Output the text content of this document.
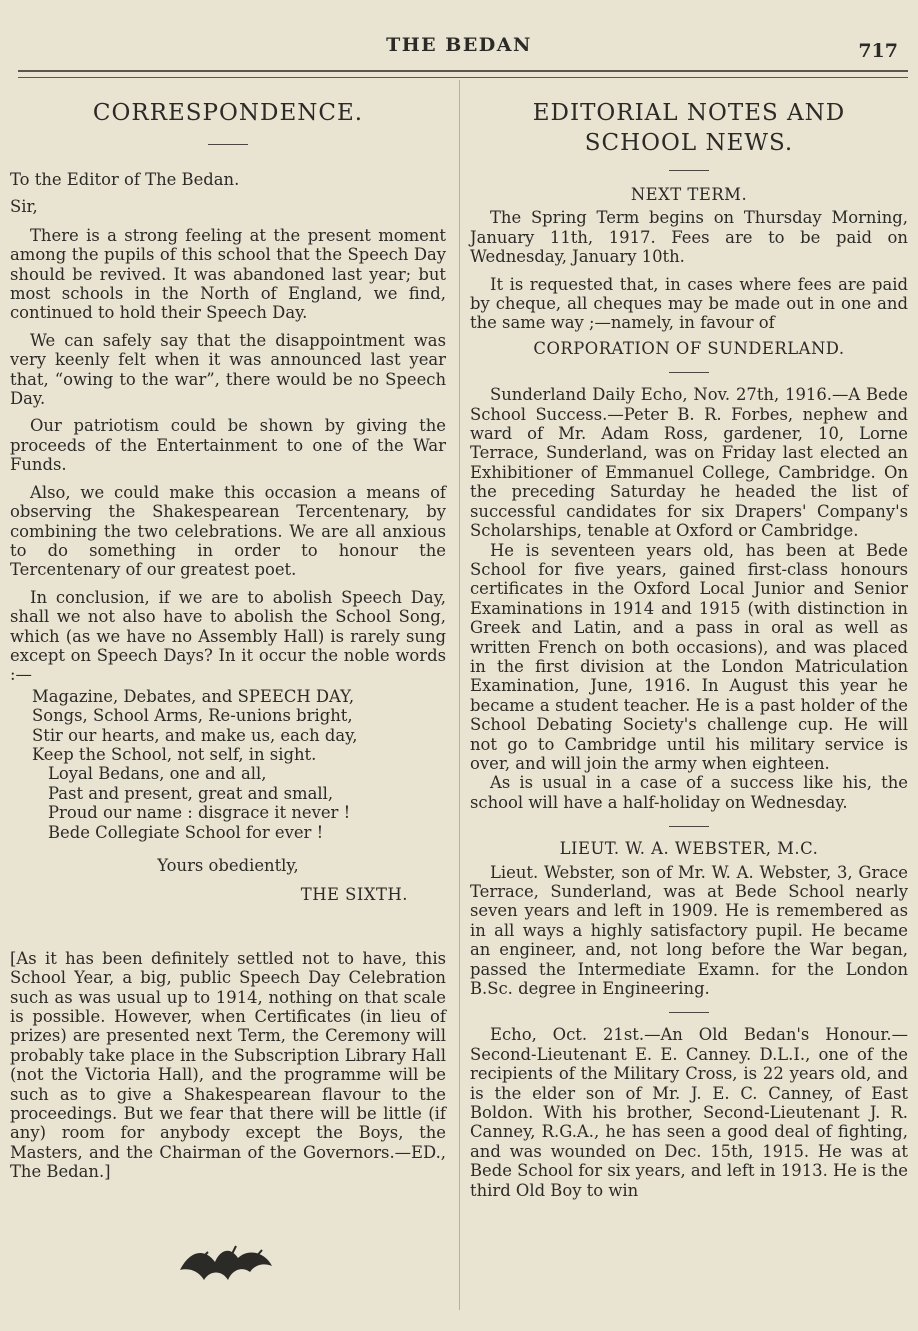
THE BEDAN	717
CORRESPONDENCE.

To the Editor of The Bedan.

Sir,

There is a strong feeling at the present moment among the pupils of this school that the Speech Day should be revived. It was abandoned last year; but most schools in the North of England, we find, continued to hold their Speech Day.

We can safely say that the disappointment was very keenly felt when it was announced last year that, “owing to the war”, there would be no Speech Day.

Our patriotism could be shown by giving the proceeds of the Entertainment to one of the War Funds.

Also, we could make this occasion a means of observing the Shakespearean Tercentenary, by combining the two celebrations. We are all anxious to do something in order to honour the Tercentenary of our greatest poet.

In conclusion, if we are to abolish Speech Day, shall we not also have to abolish the School Song, which (as we have no Assembly Hall) is rarely sung except on Speech Days? In it occur the noble words :—

Magazine, Debates, and SPEECH DAY,
Songs, School Arms, Re-unions bright,
Stir our hearts, and make us, each day,
Keep the School, not self, in sight.
Loyal Bedans, one and all,
Past and present, great and small,
Proud our name : disgrace it never !
Bede Collegiate School for ever !

Yours obediently,

THE SIXTH.

[As it has been definitely settled not to have, this School Year, a big, public Speech Day Celebration such as was usual up to 1914, nothing on that scale is possible. However, when Certificates (in lieu of prizes) are presented next Term, the Ceremony will probably take place in the Subscription Library Hall (not the Victoria Hall), and the programme will be such as to give a Shakespearean flavour to the proceedings. But we fear that there will be little (if any) room for anybody except the Boys, the Masters, and the Chairman of the Governors.—ED., The Bedan.]

EDITORIAL NOTES AND
SCHOOL NEWS.

NEXT TERM.

The Spring Term begins on Thursday Morning, January 11th, 1917. Fees are to be paid on Wednesday, January 10th.

It is requested that, in cases where fees are paid by cheque, all cheques may be made out in one and the same way ;—namely, in favour of

CORPORATION OF SUNDERLAND.

Sunderland Daily Echo, Nov. 27th, 1916.—A Bede School Success.—Peter B. R. Forbes, nephew and ward of Mr. Adam Ross, gardener, 10, Lorne Terrace, Sunderland, was on Friday last elected an Exhibitioner of Emmanuel College, Cambridge. On the preceding Saturday he headed the list of successful candidates for six Drapers' Company's Scholarships, tenable at Oxford or Cambridge.

He is seventeen years old, has been at Bede School for five years, gained first-class honours certificates in the Oxford Local Junior and Senior Examinations in 1914 and 1915 (with distinction in Greek and Latin, and a pass in oral as well as written French on both occasions), and was placed in the first division at the London Matriculation Examination, June, 1916. In August this year he became a student teacher. He is a past holder of the School Debating Society's challenge cup. He will not go to Cambridge until his military service is over, and will join the army when eighteen.

As is usual in a case of a success like his, the school will have a half-holiday on Wednesday.

LIEUT. W. A. WEBSTER, M.C.

Lieut. Webster, son of Mr. W. A. Webster, 3, Grace Terrace, Sunderland, was at Bede School nearly seven years and left in 1909. He is remembered as in all ways a highly satisfactory pupil. He became an engineer, and, not long before the War began, passed the Intermediate Examn. for the London B.Sc. degree in Engineering.

Echo, Oct. 21st.—An Old Bedan's Honour.—Second-Lieutenant E. E. Canney. D.L.I., one of the recipients of the Military Cross, is 22 years old, and is the elder son of Mr. J. E. C. Canney, of East Boldon. With his brother, Second-Lieutenant J. R. Canney, R.G.A., he has seen a good deal of fighting, and was wounded on Dec. 15th, 1915. He was at Bede School for six years, and left in 1913. He is the third Old Boy to win
